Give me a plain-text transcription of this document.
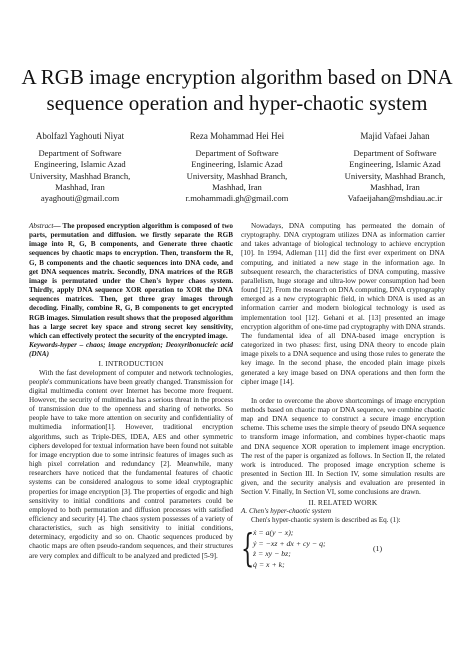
A RGB image encryption algorithm based on DNA
sequence operation and hyper-chaotic system
Abolfazl Yaghouti Niyat
Department of Software
Engineering, Islamic Azad
University, Mashhad Branch,
Mashhad, Iran
ayaghouti@gmail.com
Reza Mohammad Hei Hei
Department of Software
Engineering, Islamic Azad
University, Mashhad Branch,
Mashhad, Iran
r.mohammadi.gh@gmail.com
Majid Vafaei Jahan
Department of Software
Engineering, Islamic Azad
University, Mashhad Branch,
Mashhad, Iran
Vafaeijahan@mshdiau.ac.ir

Abstract— The proposed encryption algorithm is composed of two parts, permutation and diffusion. we firstly separate the RGB image into R, G, B components, and Generate three chaotic sequences by chaotic maps to encryption. Then, transform the R, G, B components and the chaotic sequences into DNA code, and get DNA sequences matrix. Secondly, DNA matrices of the RGB image is permutated under the Chen's hyper chaos system. Thirdly, apply DNA sequence XOR operation to XOR the DNA sequences matrices. Then, get three gray images through decoding. Finally, combine R, G, B components to get encrypted RGB images. Simulation result shows that the proposed algorithm has a large secret key space and strong secret key sensitivity, which can effectively protect the security of the encrypted image.

Keywords-hyper – chaos; image encryption; Deoxyribonucleic acid (DNA)

I. INTRODUCTION

With the fast development of computer and network technologies, people's communications have been greatly changed. Transmission for digital multimedia content over Internet has become more frequent. However, the security of multimedia has a serious threat in the process of transmission due to the openness and sharing of networks. So people have to take more attention on security and confidentiality of multimedia information[1]. However, traditional encryption algorithms, such as Triple-DES, IDEA, AES and other symmetric ciphers developed for textual information have been found not suitable for image encryption due to some intrinsic features of images such as high pixel correlation and redundancy [2]. Meanwhile, many researchers have noticed that the fundamental features of chaotic systems can be considered analogous to some ideal cryptographic properties for image encryption [3]. The properties of ergodic and high sensitivity to initial conditions and control parameters could be employed to both permutation and diffusion processes with satisfied efficiency and security [4]. The chaos system possesses of a variety of characteristics, such as high sensitivity to initial conditions, determinacy, ergodicity and so on. Chaotic sequences produced by chaotic maps are often pseudo-random sequences, and their structures are very complex and difficult to be analyzed and predicted [5-9].

Nowadays, DNA computing has permeated the domain of cryptography. DNA cryptogram utilizes DNA as information carrier and takes advantage of biological technology to achieve encryption [10]. In 1994, Adleman [11] did the first ever experiment on DNA computing, and initiated a new stage in the information age. In subsequent research, the characteristics of DNA computing, massive parallelism, huge storage and ultra-low power consumption had been found [12]. From the research on DNA computing, DNA cryptography emerged as a new cryptographic field, in which DNA is used as an information carrier and modern biological technology is used as implementation tool [12]. Gehani et al. [13] presented an image encryption algorithm of one-time pad cryptography with DNA strands. The fundamental idea of all DNA-based image encryption is categorized in two phases: first, using DNA theory to encode plain image pixels to a DNA sequence and using those rules to generate the key image. In the second phase, the encoded plain image pixels generated a key image based on DNA operations and then form the cipher image [14].

In order to overcome the above shortcomings of image encryption methods based on chaotic map or DNA sequence, we combine chaotic map and DNA sequence to construct a secure image encryption scheme. This scheme uses the simple theory of pseudo DNA sequence to transform image information, and combines hyper-chaotic maps and DNA sequence XOR operation to implement image encryption. The rest of the paper is organized as follows. In Section II, the related work is introduced. The proposed image encryption scheme is presented in Section III. In Section IV, some simulation results are given, and the security analysis and evaluation are presented in Section V. Finally, In Section VI, some conclusions are drawn.

II. RELATED WORK

A. Chen's hyper-chaotic system

Chen's hyper-chaotic system is described as Eq. (1):

{
ẋ = a(y − x);
ẏ = −xz + dx + cy − q;
ż = xy − bz;
q̇ = x + k;
(1)
